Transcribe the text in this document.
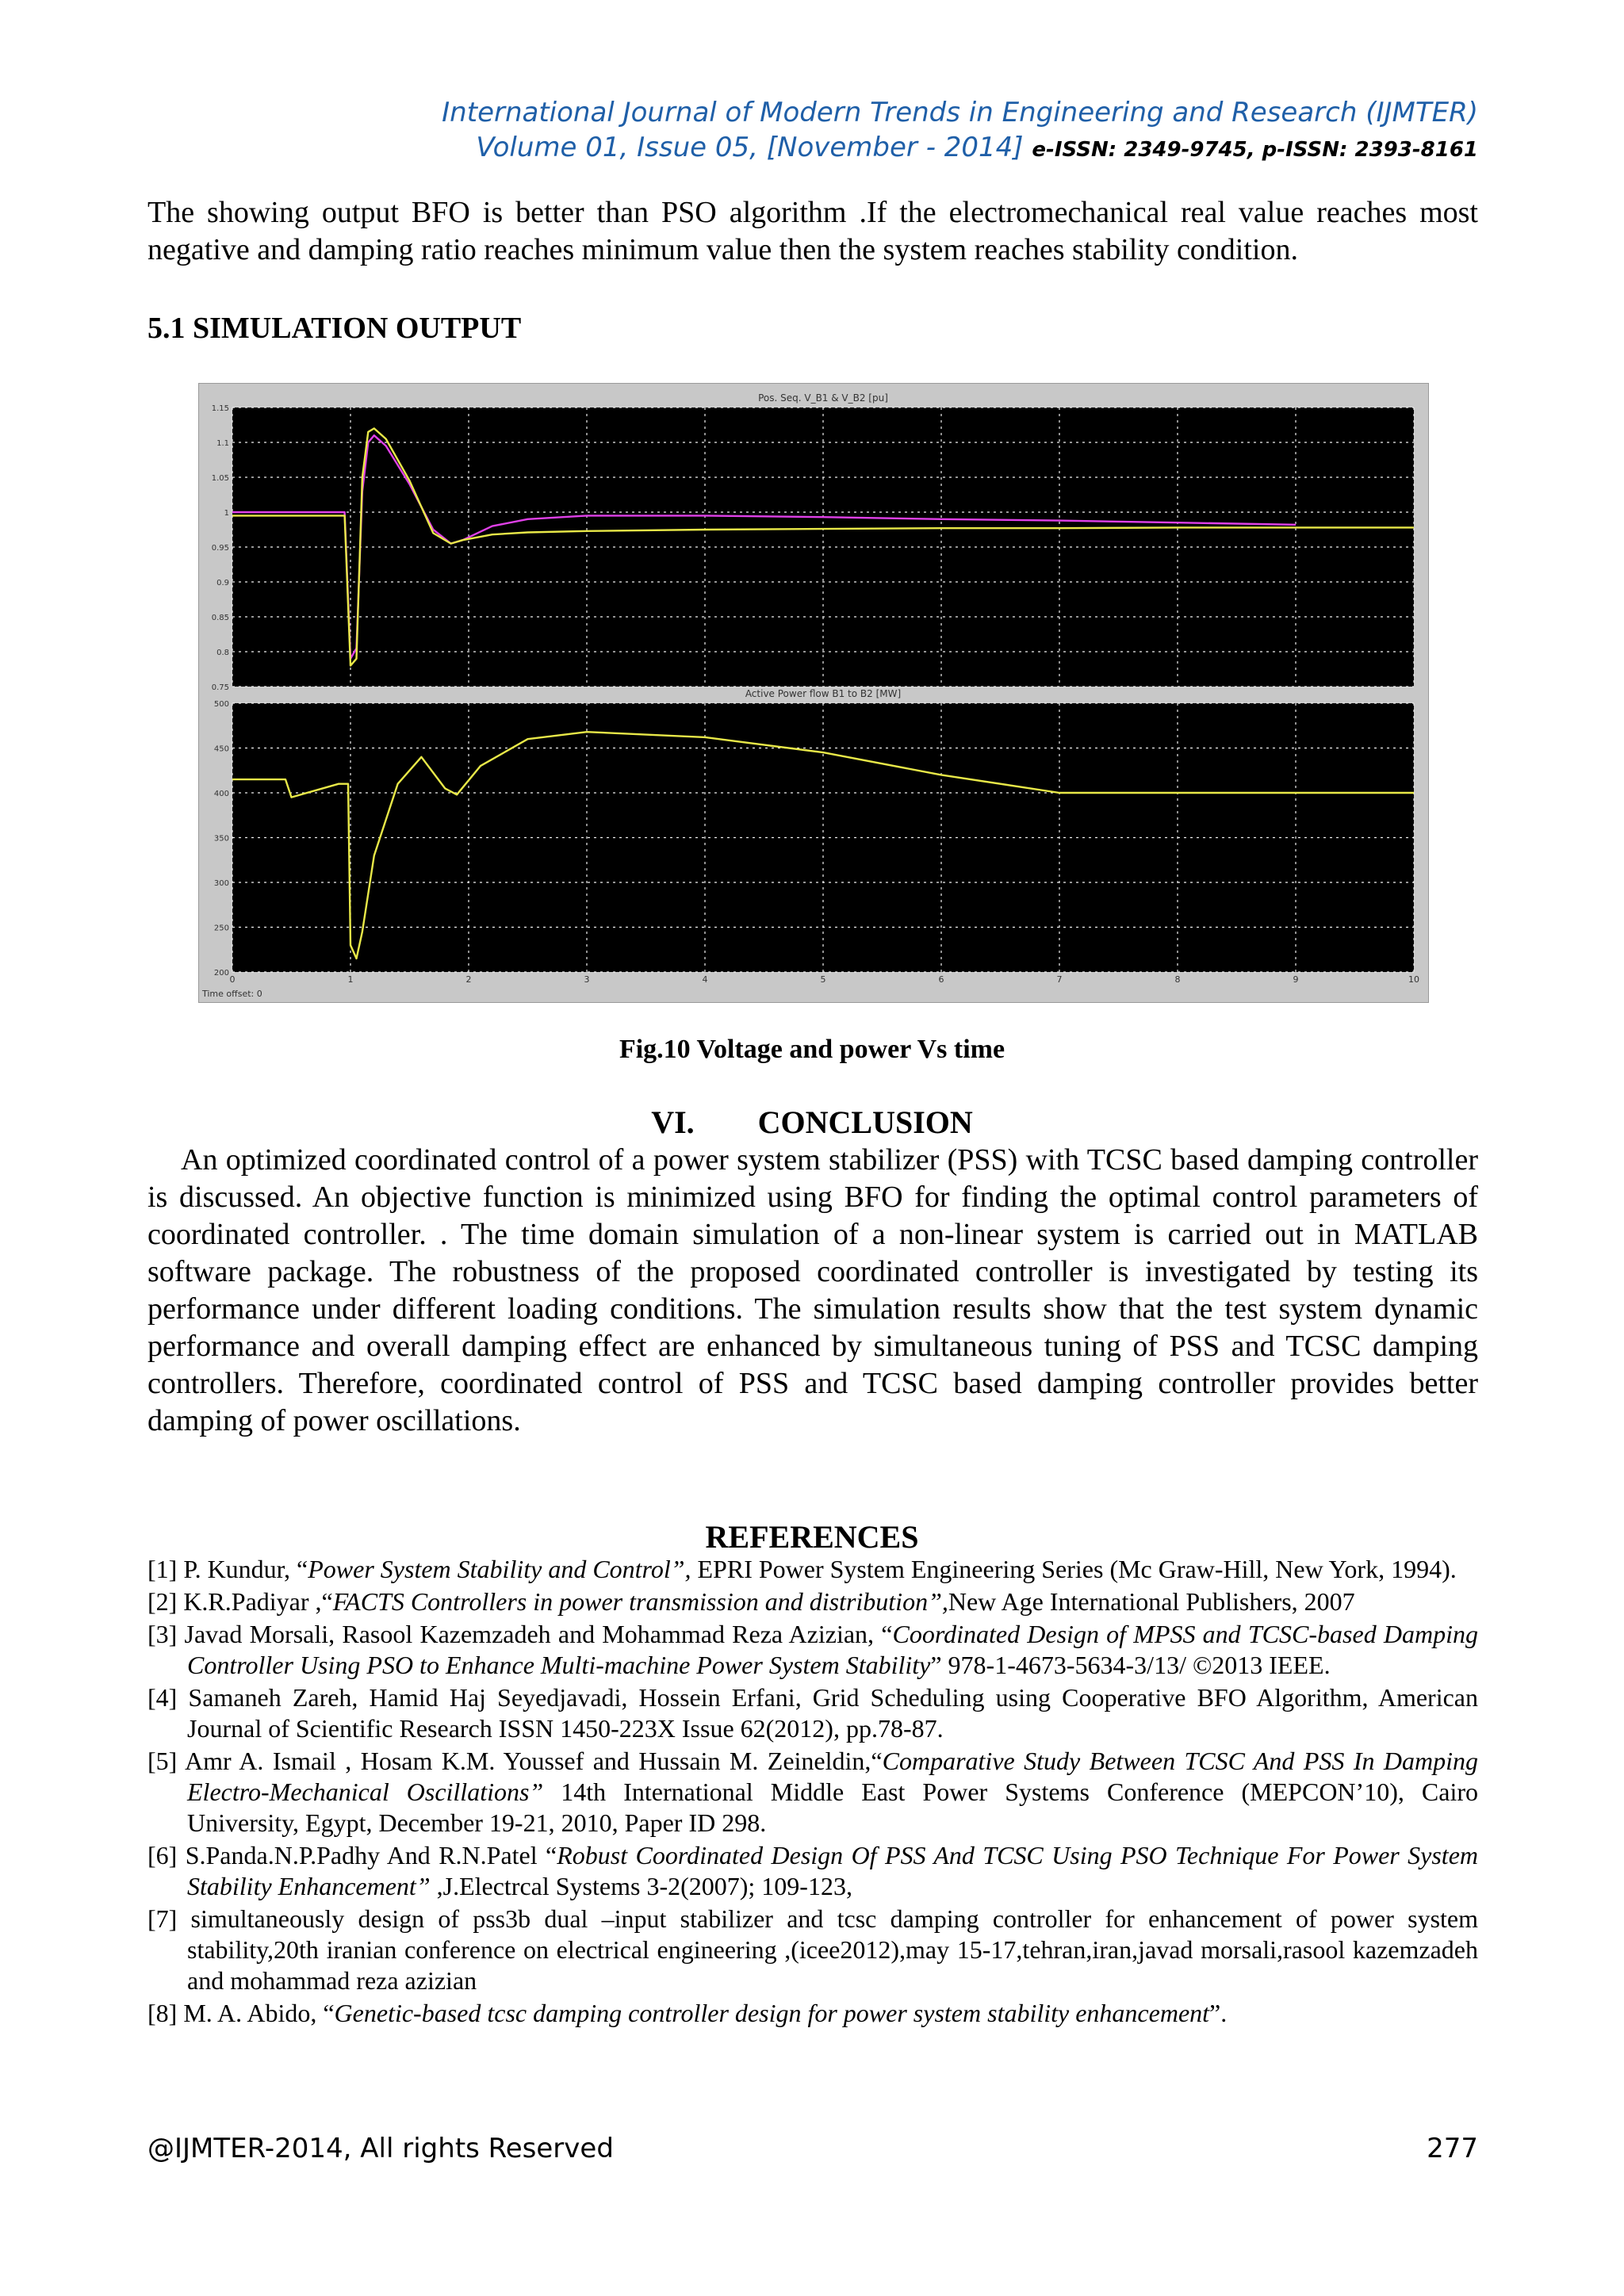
International Journal of Modern Trends in Engineering and Research (IJMTER)
Volume 01, Issue 05, [November - 2014] e-ISSN: 2349-9745, p-ISSN: 2393-8161
The showing output BFO is better than PSO algorithm .If the electromechanical real value reaches most negative and damping ratio reaches minimum value then the system reaches stability condition.
5.1 SIMULATION OUTPUT
Pos. Seq. V_B1 & V_B2 [pu]
1.15
1.1
1.05
1
0.95
0.9
0.85
0.8
0.75
Active Power flow B1 to B2 [MW]
0	1	2	3	4	5	6	7	8	9	10
500
450
400
350
300
250
200
Time offset: 0
Fig.10 Voltage and power Vs time
VI. CONCLUSION
An optimized coordinated control of a power system stabilizer (PSS) with TCSC based damping controller is discussed. An objective function is minimized using BFO for finding the optimal control parameters of coordinated controller. . The time domain simulation of a non-linear system is carried out in MATLAB software package. The robustness of the proposed coordinated controller is investigated by testing its performance under different loading conditions. The simulation results show that the test system dynamic performance and overall damping effect are enhanced by simultaneous tuning of PSS and TCSC damping controllers. Therefore, coordinated control of PSS and TCSC based damping controller provides better damping of power oscillations.
REFERENCES
[1] P. Kundur, “Power System Stability and Control”, EPRI Power System Engineering Series (Mc Graw-Hill, New York, 1994).
[2] K.R.Padiyar ,“FACTS Controllers in power transmission and distribution”,New Age International Publishers, 2007
[3] Javad Morsali, Rasool Kazemzadeh and Mohammad Reza Azizian, “Coordinated Design of MPSS and TCSC-based Damping Controller Using PSO to Enhance Multi-machine Power System Stability” 978-1-4673-5634-3/13/ ©2013 IEEE.
[4] Samaneh Zareh, Hamid Haj Seyedjavadi, Hossein Erfani, Grid Scheduling using Cooperative BFO Algorithm, American Journal of Scientific Research ISSN 1450-223X Issue 62(2012), pp.78-87.
[5] Amr A. Ismail , Hosam K.M. Youssef and Hussain M. Zeineldin,“Comparative Study Between TCSC And PSS In Damping Electro-Mechanical Oscillations” 14th International Middle East Power Systems Conference (MEPCON’10), Cairo University, Egypt, December 19-21, 2010, Paper ID 298.
[6] S.Panda.N.P.Padhy And R.N.Patel “Robust Coordinated Design Of PSS And TCSC Using PSO Technique For Power System Stability Enhancement” ,J.Electrcal Systems 3-2(2007); 109-123,
[7] simultaneously design of pss3b dual –input stabilizer and tcsc damping controller for enhancement of power system stability,20th iranian conference on electrical engineering ,(icee2012),may 15-17,tehran,iran,javad morsali,rasool kazemzadeh and mohammad reza azizian
[8] M. A. Abido, “Genetic-based tcsc damping controller design for power system stability enhancement”.
@IJMTER-2014, All rights Reserved	277
